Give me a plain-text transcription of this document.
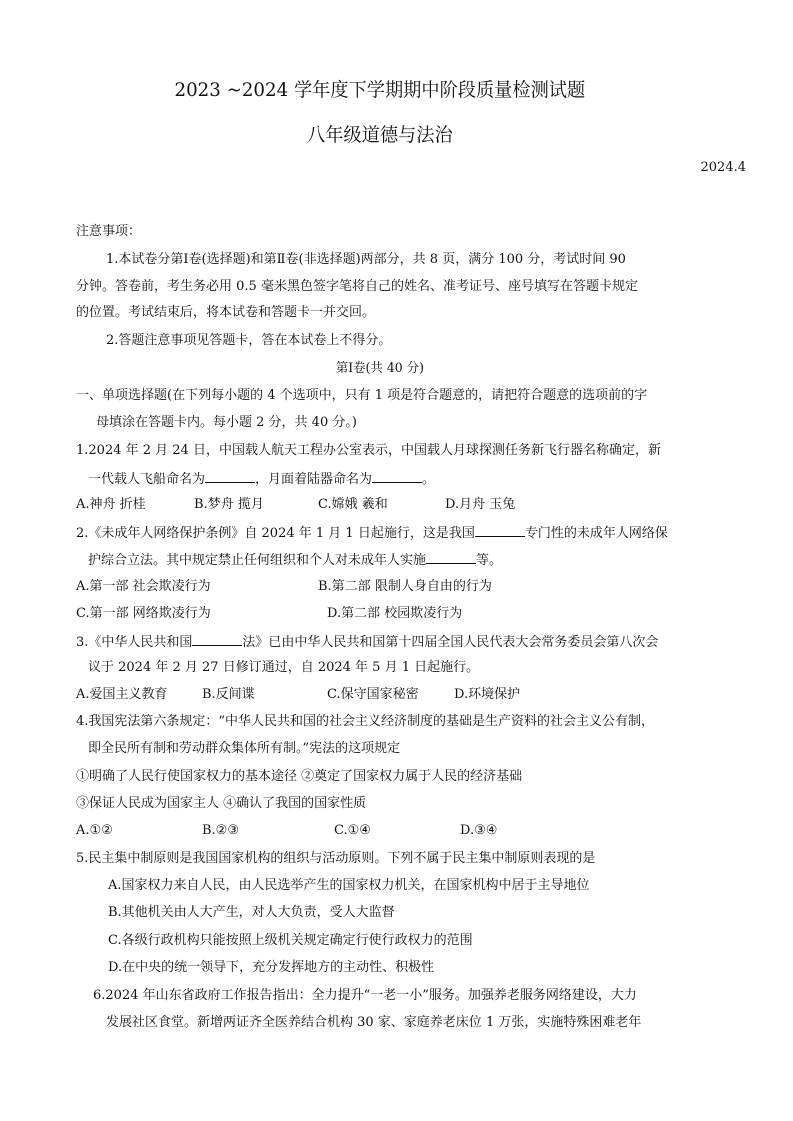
2023 ~2024 学年度下学期期中阶段质量检测试题
八年级道德与法治
2024.4
注意事项：
1.本试卷分第Ⅰ卷(选择题)和第Ⅱ卷(非选择题)两部分，共 8 页，满分 100 分，考试时间 90
分钟。答卷前，考生务必用 0.5 毫米黑色签字笔将自己的姓名、准考证号、座号填写在答题卡规定
的位置。考试结束后，将本试卷和答题卡一并交回。
2.答题注意事项见答题卡，答在本试卷上不得分。
第Ⅰ卷(共 40 分)
一、单项选择题(在下列每小题的 4 个选项中，只有 1 项是符合题意的，请把符合题意的选项前的字
母填涂在答题卡内。每小题 2 分，共 40 分。)
1.2024 年 2 月 24 日，中国载人航天工程办公室表示，中国载人月球探测任务新飞行器名称确定，新
一代载人飞船命名为	，月面着陆器命名为	。
A.神舟 折桂	B.梦舟 揽月	C.嫦娥 羲和	D.月舟 玉兔
2.《未成年人网络保护条例》自 2024 年 1 月 1 日起施行，这是我国	专门性的未成年人网络保
护综合立法。其中规定禁止任何组织和个人对未成年人实施	等。
A.第一部 社会欺凌行为	B.第二部 限制人身自由的行为
C.第一部 网络欺凌行为	D.第二部 校园欺凌行为
3.《中华人民共和国	法》已由中华人民共和国第十四届全国人民代表大会常务委员会第八次会
议于 2024 年 2 月 27 日修订通过，自 2024 年 5 月 1 日起施行。
A.爱国主义教育	B.反间谍	C.保守国家秘密	D.环境保护
4.我国宪法第六条规定：“中华人民共和国的社会主义经济制度的基础是生产资料的社会主义公有制，
即全民所有制和劳动群众集体所有制。”宪法的这项规定
①明确了人民行使国家权力的基本途径 ②奠定了国家权力属于人民的经济基础
③保证人民成为国家主人 ④确认了我国的国家性质
A.①②	B.②③	C.①④	D.③④
5.民主集中制原则是我国国家机构的组织与活动原则。下列不属于民主集中制原则表现的是
A.国家权力来自人民，由人民选举产生的国家权力机关，在国家机构中居于主导地位
B.其他机关由人大产生，对人大负责，受人大监督
C.各级行政机构只能按照上级机关规定确定行使行政权力的范围
D.在中央的统一领导下，充分发挥地方的主动性、积极性
6.2024 年山东省政府工作报告指出：全力提升“一老一小”服务。加强养老服务网络建设，大力
发展社区食堂。新增两证齐全医养结合机构 30 家、家庭养老床位 1 万张，实施特殊困难老年
